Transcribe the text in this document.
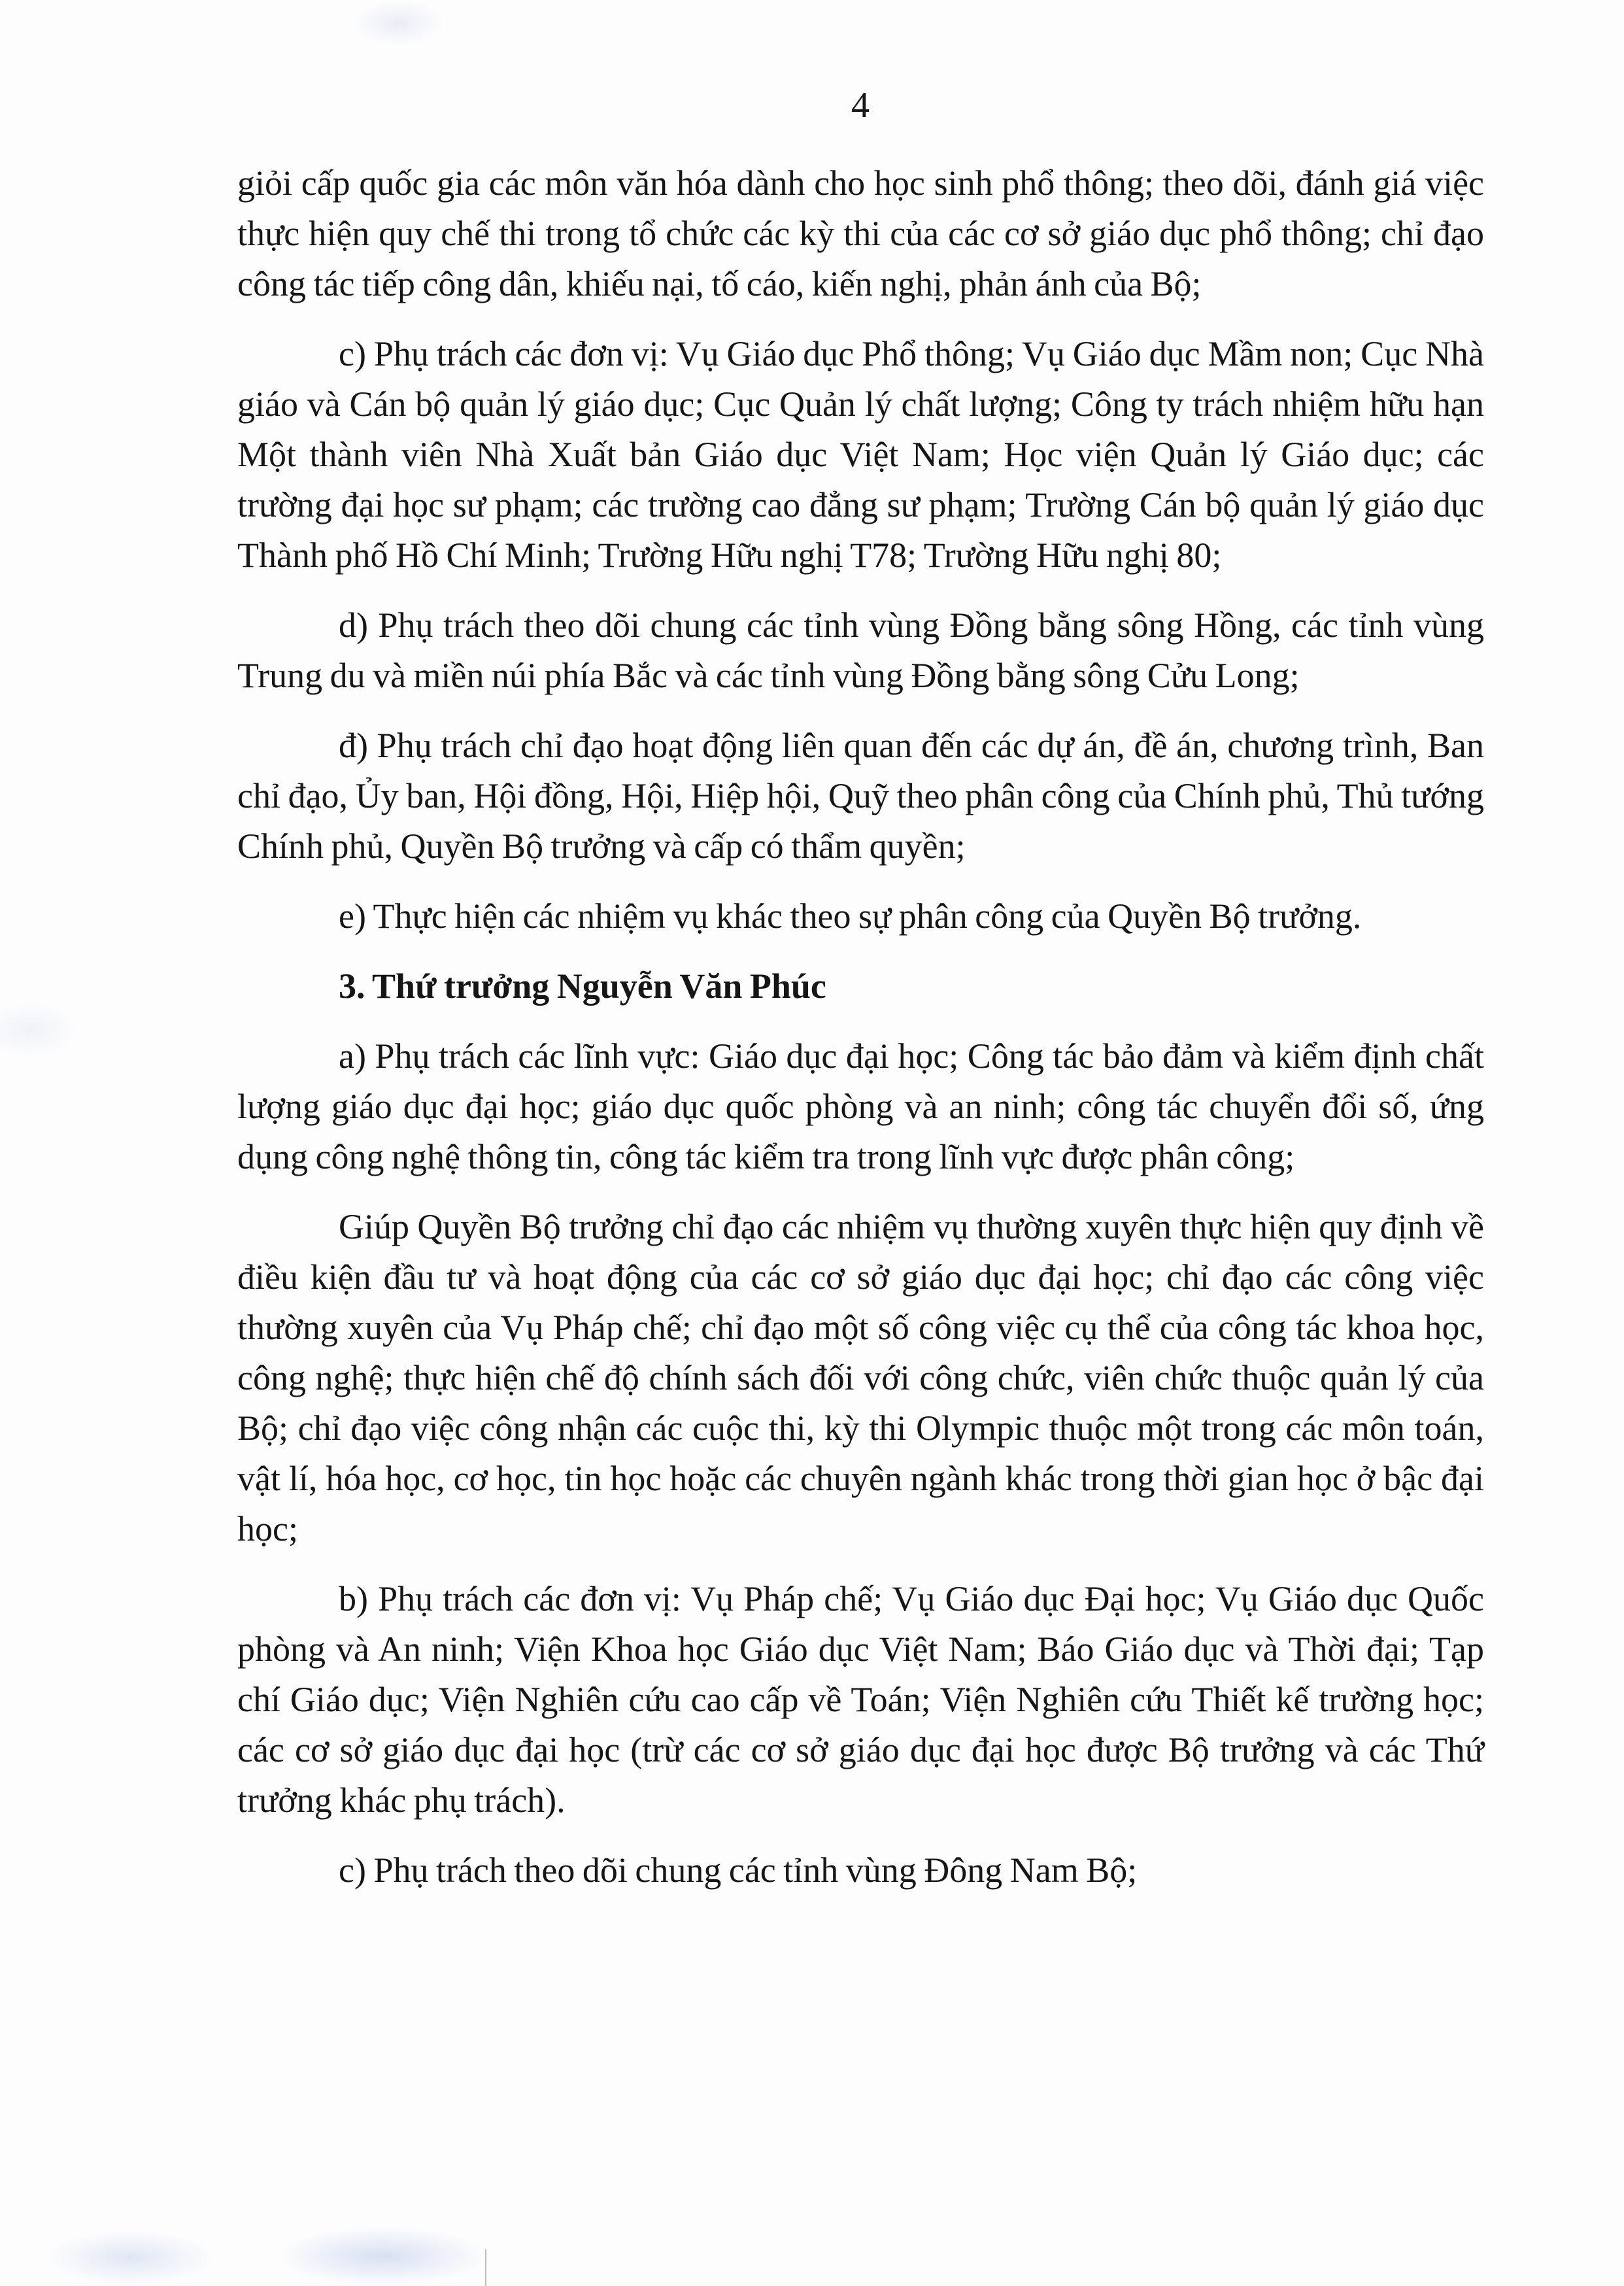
4

giỏi cấp quốc gia các môn văn hóa dành cho học sinh phổ thông; theo dõi, đánh giá việc thực hiện quy chế thi trong tổ chức các kỳ thi của các cơ sở giáo dục phổ thông; chỉ đạo công tác tiếp công dân, khiếu nại, tố cáo, kiến nghị, phản ánh của Bộ;

c) Phụ trách các đơn vị: Vụ Giáo dục Phổ thông; Vụ Giáo dục Mầm non; Cục Nhà giáo và Cán bộ quản lý giáo dục; Cục Quản lý chất lượng; Công ty trách nhiệm hữu hạn Một thành viên Nhà Xuất bản Giáo dục Việt Nam; Học viện Quản lý Giáo dục; các trường đại học sư phạm; các trường cao đẳng sư phạm; Trường Cán bộ quản lý giáo dục Thành phố Hồ Chí Minh; Trường Hữu nghị T78; Trường Hữu nghị 80;

d) Phụ trách theo dõi chung các tỉnh vùng Đồng bằng sông Hồng, các tỉnh vùng Trung du và miền núi phía Bắc và các tỉnh vùng Đồng bằng sông Cửu Long;

đ) Phụ trách chỉ đạo hoạt động liên quan đến các dự án, đề án, chương trình, Ban chỉ đạo, Ủy ban, Hội đồng, Hội, Hiệp hội, Quỹ theo phân công của Chính phủ, Thủ tướng Chính phủ, Quyền Bộ trưởng và cấp có thẩm quyền;

e) Thực hiện các nhiệm vụ khác theo sự phân công của Quyền Bộ trưởng.

3. Thứ trưởng Nguyễn Văn Phúc

a) Phụ trách các lĩnh vực: Giáo dục đại học; Công tác bảo đảm và kiểm định chất lượng giáo dục đại học; giáo dục quốc phòng và an ninh; công tác chuyển đổi số, ứng dụng công nghệ thông tin, công tác kiểm tra trong lĩnh vực được phân công;

Giúp Quyền Bộ trưởng chỉ đạo các nhiệm vụ thường xuyên thực hiện quy định về điều kiện đầu tư và hoạt động của các cơ sở giáo dục đại học; chỉ đạo các công việc thường xuyên của Vụ Pháp chế; chỉ đạo một số công việc cụ thể của công tác khoa học, công nghệ; thực hiện chế độ chính sách đối với công chức, viên chức thuộc quản lý của Bộ; chỉ đạo việc công nhận các cuộc thi, kỳ thi Olympic thuộc một trong các môn toán, vật lí, hóa học, cơ học, tin học hoặc các chuyên ngành khác trong thời gian học ở bậc đại học;

b) Phụ trách các đơn vị: Vụ Pháp chế; Vụ Giáo dục Đại học; Vụ Giáo dục Quốc phòng và An ninh; Viện Khoa học Giáo dục Việt Nam; Báo Giáo dục và Thời đại; Tạp chí Giáo dục; Viện Nghiên cứu cao cấp về Toán; Viện Nghiên cứu Thiết kế trường học; các cơ sở giáo dục đại học (trừ các cơ sở giáo dục đại học được Bộ trưởng và các Thứ trưởng khác phụ trách).

c) Phụ trách theo dõi chung các tỉnh vùng Đông Nam Bộ;
